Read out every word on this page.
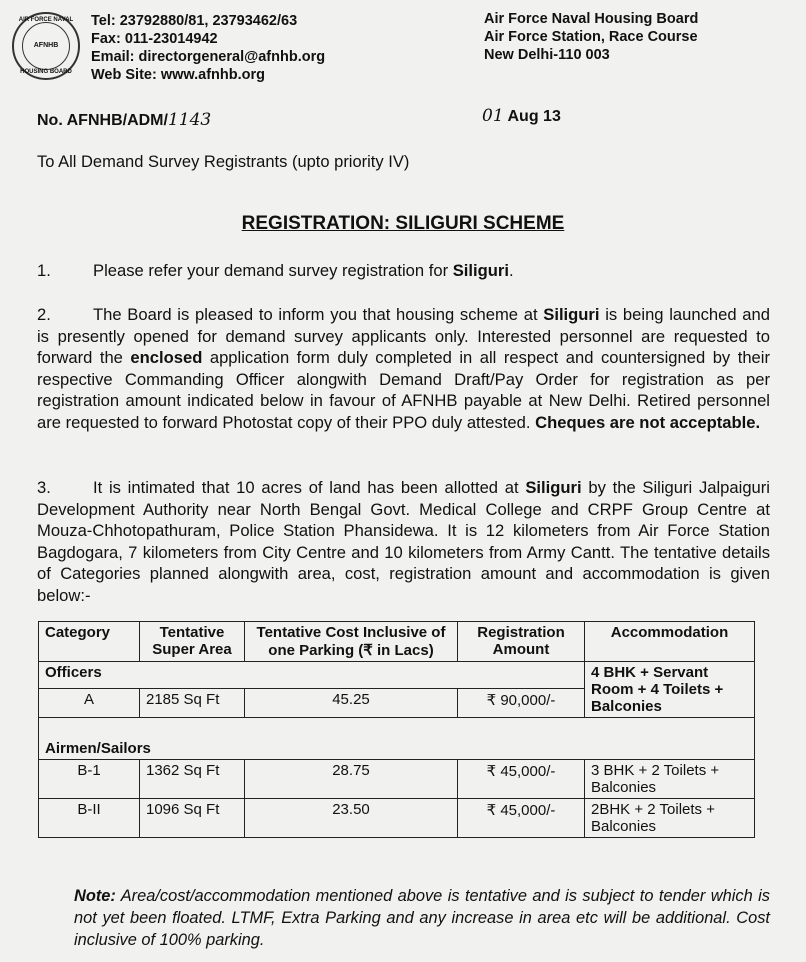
AIR FORCE NAVAL
AFNHB
HOUSING BOARD
Tel: 23792880/81, 23793462/63
Fax: 011-23014942
Email: directorgeneral@afnhb.org
Web Site: www.afnhb.org
Air Force Naval Housing Board
Air Force Station, Race Course
New Delhi-110 003
No. AFNHB/ADM/1143	01 Aug 13
To All Demand Survey Registrants (upto priority IV)
REGISTRATION: SILIGURI SCHEME
1.	Please refer your demand survey registration for Siliguri.
2.	The Board is pleased to inform you that housing scheme at Siliguri is being launched and is presently opened for demand survey applicants only. Interested personnel are requested to forward the enclosed application form duly completed in all respect and countersigned by their respective Commanding Officer alongwith Demand Draft/Pay Order for registration as per registration amount indicated below in favour of AFNHB payable at New Delhi. Retired personnel are requested to forward Photostat copy of their PPO duly attested. Cheques are not acceptable.
3.	It is intimated that 10 acres of land has been allotted at Siliguri by the Siliguri Jalpaiguri Development Authority near North Bengal Govt. Medical College and CRPF Group Centre at Mouza-Chhotopathuram, Police Station Phansidewa. It is 12 kilometers from Air Force Station Bagdogara, 7 kilometers from City Centre and 10 kilometers from Army Cantt. The tentative details of Categories planned alongwith area, cost, registration amount and accommodation is given below:-
Category	Tentative Super Area	Tentative Cost Inclusive of one Parking (₹ in Lacs)	Registration Amount	Accommodation
Officers				4 BHK + Servant Room + 4 Toilets + Balconies
A	2185 Sq Ft	45.25	₹ 90,000/-	
Airmen/Sailors				
B-1	1362 Sq Ft	28.75	₹ 45,000/-	3 BHK + 2 Toilets + Balconies
B-II	1096 Sq Ft	23.50	₹ 45,000/-	2BHK + 2 Toilets + Balconies
Note: Area/cost/accommodation mentioned above is tentative and is subject to tender which is not yet been floated. LTMF, Extra Parking and any increase in area etc will be additional. Cost inclusive of 100% parking.
